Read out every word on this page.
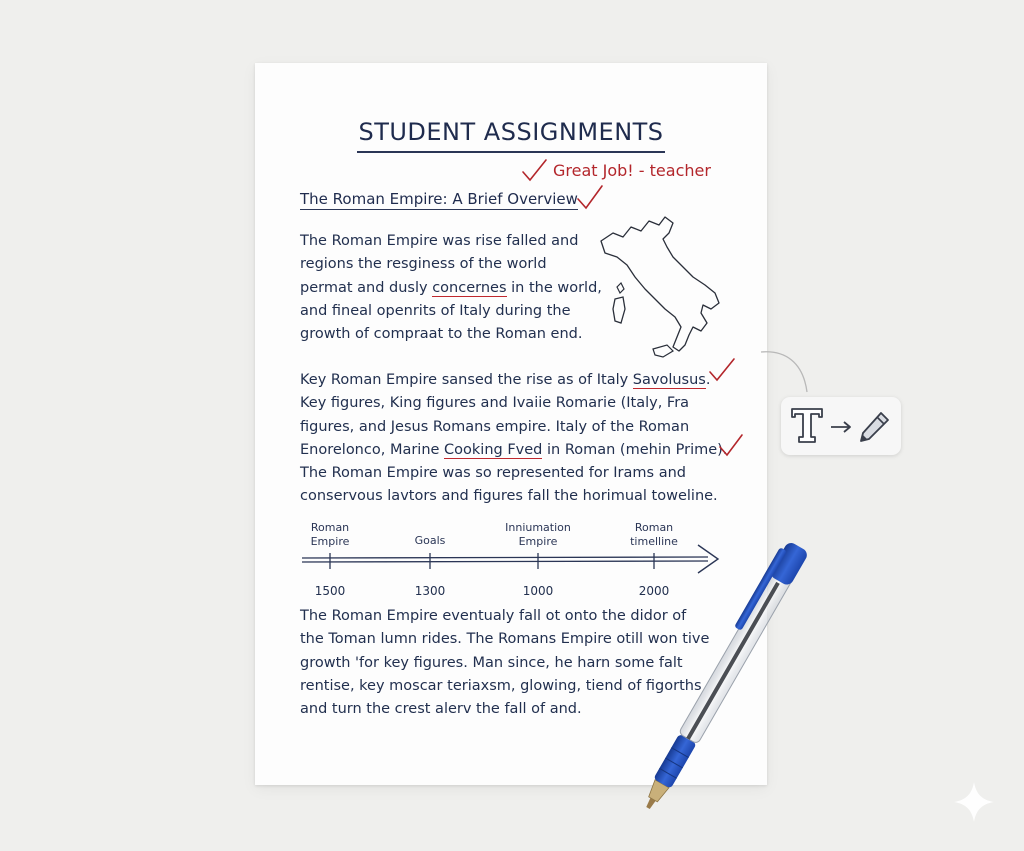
STUDENT ASSIGNMENTS
Great Job! - teacher
The Roman Empire: A Brief Overview

The Roman Empire was rise falled and
regions the resginess of the world
permat and dusly concernes in the world,
and fineal openrits of Italy during the
growth of compraat to the Roman end.

Key Roman Empire sansed the rise as of Italy Savolusus.
Key figures, King figures and Ivaiie Romarie (Italy, Fra
figures, and Jesus Romans empire. Italy of the Roman
Enorelonco, Marine Cooking Fved in Roman (mehin Prime).
The Roman Empire was so represented for Irams and
conservous lavtors and figures fall the horimual toweline.

Roman
Empire	Goals
Inniumation
Empire
Roman
timelline
1500	1300	1000	2000

The Roman Empire eventualy fall ot onto the didor of
the Toman lumn rides. The Romans Empire otill won tive
growth 'for key figures. Man since, he harn some falt
rentise, key moscar teriaxsm, glowing, tiend of figorths
and turn the crest alerv the fall of and.
